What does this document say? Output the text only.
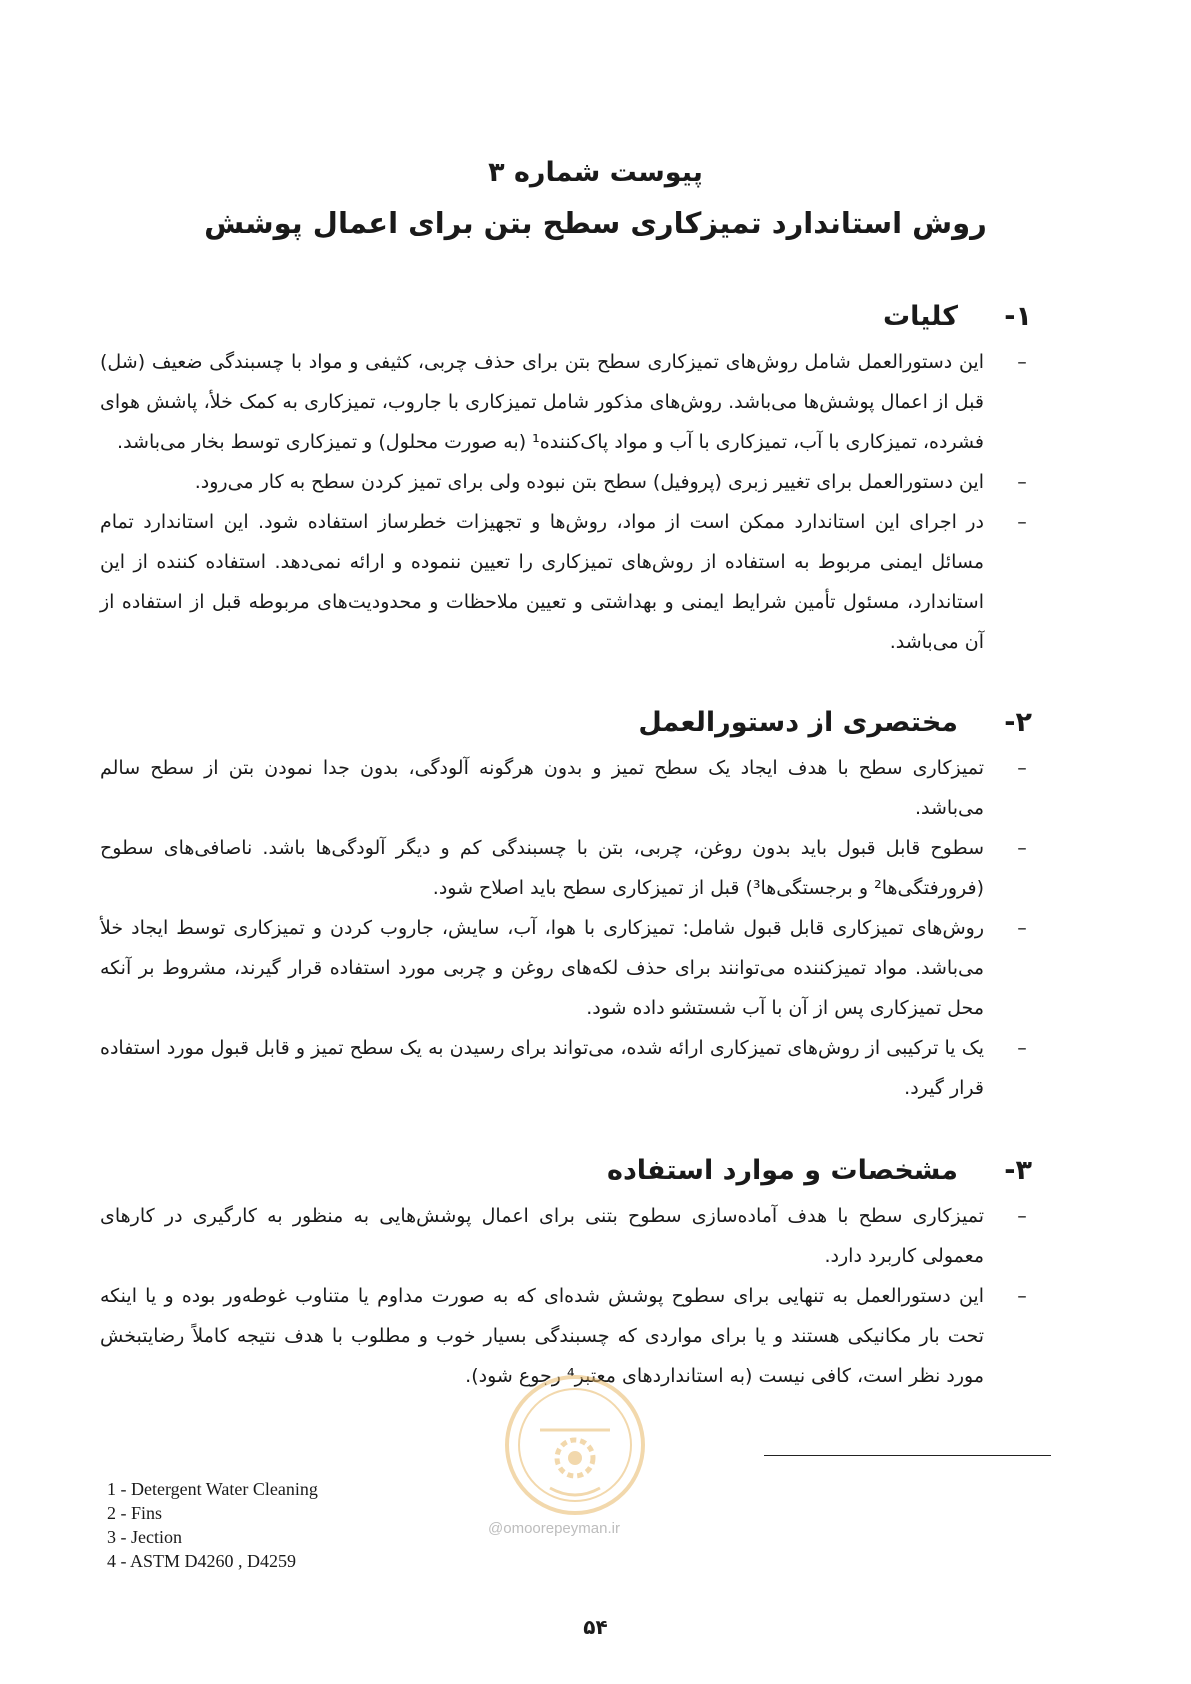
پیوست شماره ۳
روش استاندارد تمیزکاری سطح بتن برای اعمال پوشش
۱-
کلیات
–
این دستورالعمل شامل روش‌های تمیزکاری سطح بتن برای حذف چربی، کثیفی و مواد با چسبندگی ضعیف (شل) قبل از اعمال پوشش‌ها می‌باشد. روش‌های مذکور شامل تمیزکاری با جاروب، تمیزکاری به کمک خلأ، پاشش هوای فشرده، تمیزکاری با آب، تمیزکاری با آب و مواد پاک‌کننده¹ (به صورت محلول) و تمیزکاری توسط بخار می‌باشد.
–
این دستورالعمل برای تغییر زبری (پروفیل) سطح بتن نبوده ولی برای تمیز کردن سطح به کار می‌رود.
–
در اجرای این استاندارد ممکن است از مواد، روش‌ها و تجهیزات خطرساز استفاده شود. این استاندارد تمام مسائل ایمنی مربوط به استفاده از روش‌های تمیزکاری را تعیین ننموده و ارائه نمی‌دهد. استفاده کننده از این استاندارد، مسئول تأمین شرایط ایمنی و بهداشتی و تعیین ملاحظات و محدودیت‌های مربوطه قبل از استفاده از آن می‌باشد.
۲-
مختصری از دستورالعمل
–
تمیزکاری سطح با هدف ایجاد یک سطح تمیز و بدون هرگونه آلودگی، بدون جدا نمودن بتن از سطح سالم می‌باشد.
–
سطوح قابل قبول باید بدون روغن، چربی، بتن با چسبندگی کم و دیگر آلودگی‌ها باشد. ناصافی‌های سطوح (فرورفتگی‌ها² و برجستگی‌ها³) قبل از تمیزکاری سطح باید اصلاح شود.
–
روش‌های تمیزکاری قابل قبول شامل: تمیزکاری با هوا، آب، سایش، جاروب کردن و تمیزکاری توسط ایجاد خلأ می‌باشد. مواد تمیزکننده می‌توانند برای حذف لکه‌های روغن و چربی مورد استفاده قرار گیرند، مشروط بر آنکه محل تمیزکاری پس از آن با آب شستشو داده شود.
–
یک یا ترکیبی از روش‌های تمیزکاری ارائه شده، می‌تواند برای رسیدن به یک سطح تمیز و قابل قبول مورد استفاده قرار گیرد.
۳-
مشخصات و موارد استفاده
–
تمیزکاری سطح با هدف آماده‌سازی سطوح بتنی برای اعمال پوشش‌هایی به منظور به کارگیری در کارهای معمولی کاربرد دارد.
–
این دستورالعمل به تنهایی برای سطوح پوشش شده‌ای که به صورت مداوم یا متناوب غوطه‌ور بوده و یا اینکه تحت بار مکانیکی هستند و یا برای مواردی که چسبندگی بسیار خوب و مطلوب با هدف نتیجه کاملاً رضایتبخش مورد نظر است، کافی نیست (به استانداردهای معتبر⁴ رجوع شود).
1 - Detergent Water Cleaning
2 - Fins
3 - Jection
4 - ASTM D4260 , D4259
@omoorepeyman.ir
۵۴
